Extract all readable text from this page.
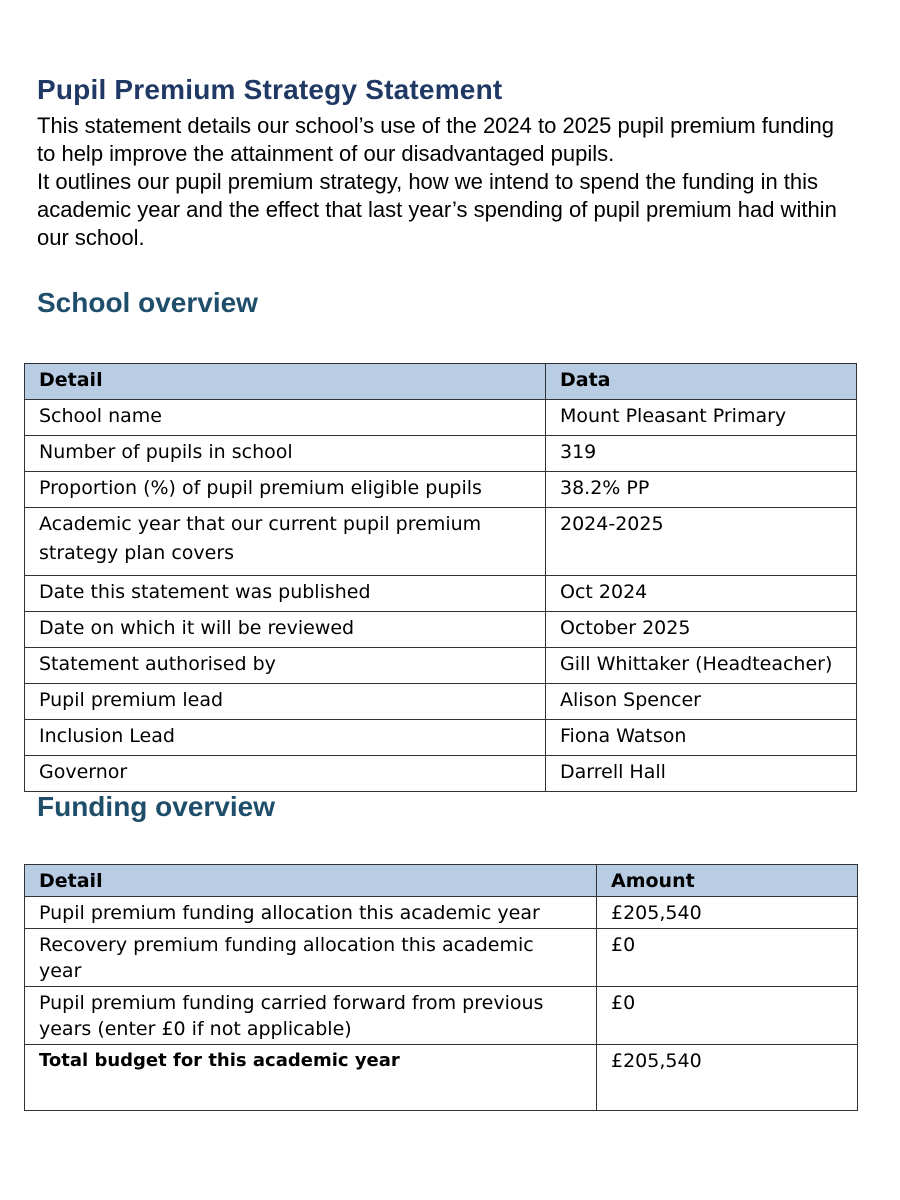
Pupil Premium Strategy Statement

This statement details our school’s use of the 2024 to 2025 pupil premium funding

to help improve the attainment of our disadvantaged pupils.

It outlines our pupil premium strategy, how we intend to spend the funding in this

academic year and the effect that last year’s spending of pupil premium had within

our school.

School overview
Detail	Data
School name	Mount Pleasant Primary
Number of pupils in school	319
Proportion (%) of pupil premium eligible pupils	38.2% PP
Academic year that our current pupil premium strategy plan covers	2024-2025
Date this statement was published	Oct 2024
Date on which it will be reviewed	October 2025
Statement authorised by	Gill Whittaker (Headteacher)
Pupil premium lead	Alison Spencer
Inclusion Lead	Fiona Watson
Governor	Darrell Hall
Funding overview
Detail	Amount
Pupil premium funding allocation this academic year	£205,540
Recovery premium funding allocation this academic year	£0
Pupil premium funding carried forward from previous years (enter £0 if not applicable)	£0
Total budget for this academic year	£205,540
